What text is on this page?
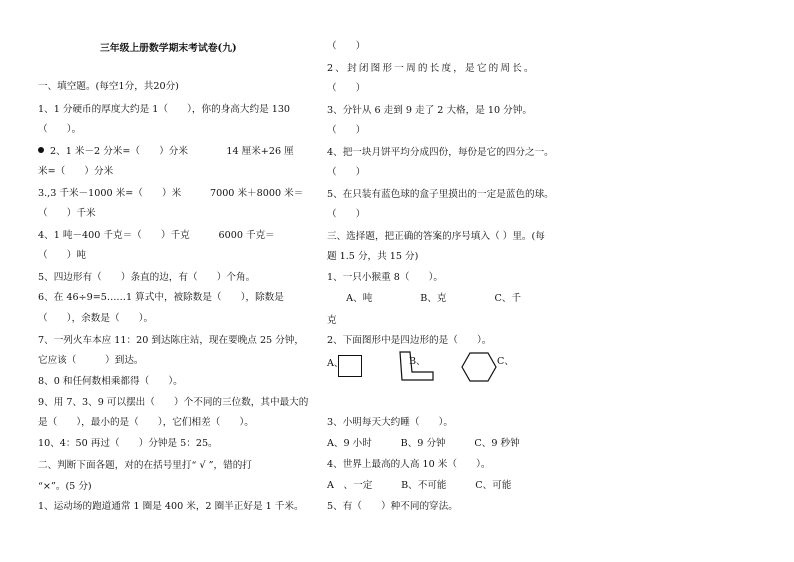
三年级上册数学期末考试卷(九)
一、填空题。(每空1分，共20分)
1、1 分硬币的厚度大约是 1（　　），你的身高大约是 130
（　　）。
2、1 米－2 分米=（　　）分米　　　　14 厘米+26 厘
米=（　　）分米
3.,3 千米－1000 米=（　　）米　　　7000 米＋8000 米＝
（　　）千米
4、1 吨－400 千克＝（　　）千克　　　6000 千克＝
（　　）吨
5、四边形有（　　）条直的边，有（　　）个角。
6、在 46÷9=5……1 算式中，被除数是（　　），除数是
（　　），余数是（　　）。
7、一列火车本应 11：20 到达陈庄站，现在要晚点 25 分钟，
它应该（　　　）到达。
8、0 和任何数相乘都得（　　）。
9、用 7、3、9 可以摆出（　　）个不同的三位数，其中最大的
是（　　），最小的是（　　），它们相差（　　）。
10、4：50 再过（　　）分钟是 5：25。
二、判断下面各题，对的在括号里打“ √ ”，错的打
“×”。(5 分)
1、运动场的跑道通常 1 圈是 400 米，2 圈半正好是 1 千米。
（　　）
2、封闭图形一周的长度，是它的周长。
（　　）
3、分针从 6 走到 9 走了 2 大格，是 10 分钟。
（　　）
4、把一块月饼平均分成四份，每份是它的四分之一。
（　　）
5、在只装有蓝色球的盒子里摸出的一定是蓝色的球。
（　　）
三、选择题，把正确的答案的序号填入（ ）里。(每
题 1.5 分，共 15 分)
1、一只小猴重 8（　　）。
　　A、吨　　　　　B、克　　　　　C、千
克
2、下面图形中是四边形的是（　　）。
A、	B、	C、
3、小明每天大约睡（　　）。
A、9 小时　　　B、9 分钟　　　C、9 秒钟
4、世界上最高的人高 10 米（　　）。
A　、一定　　　B、不可能　　　C、可能
5、有（　　）种不同的穿法。
